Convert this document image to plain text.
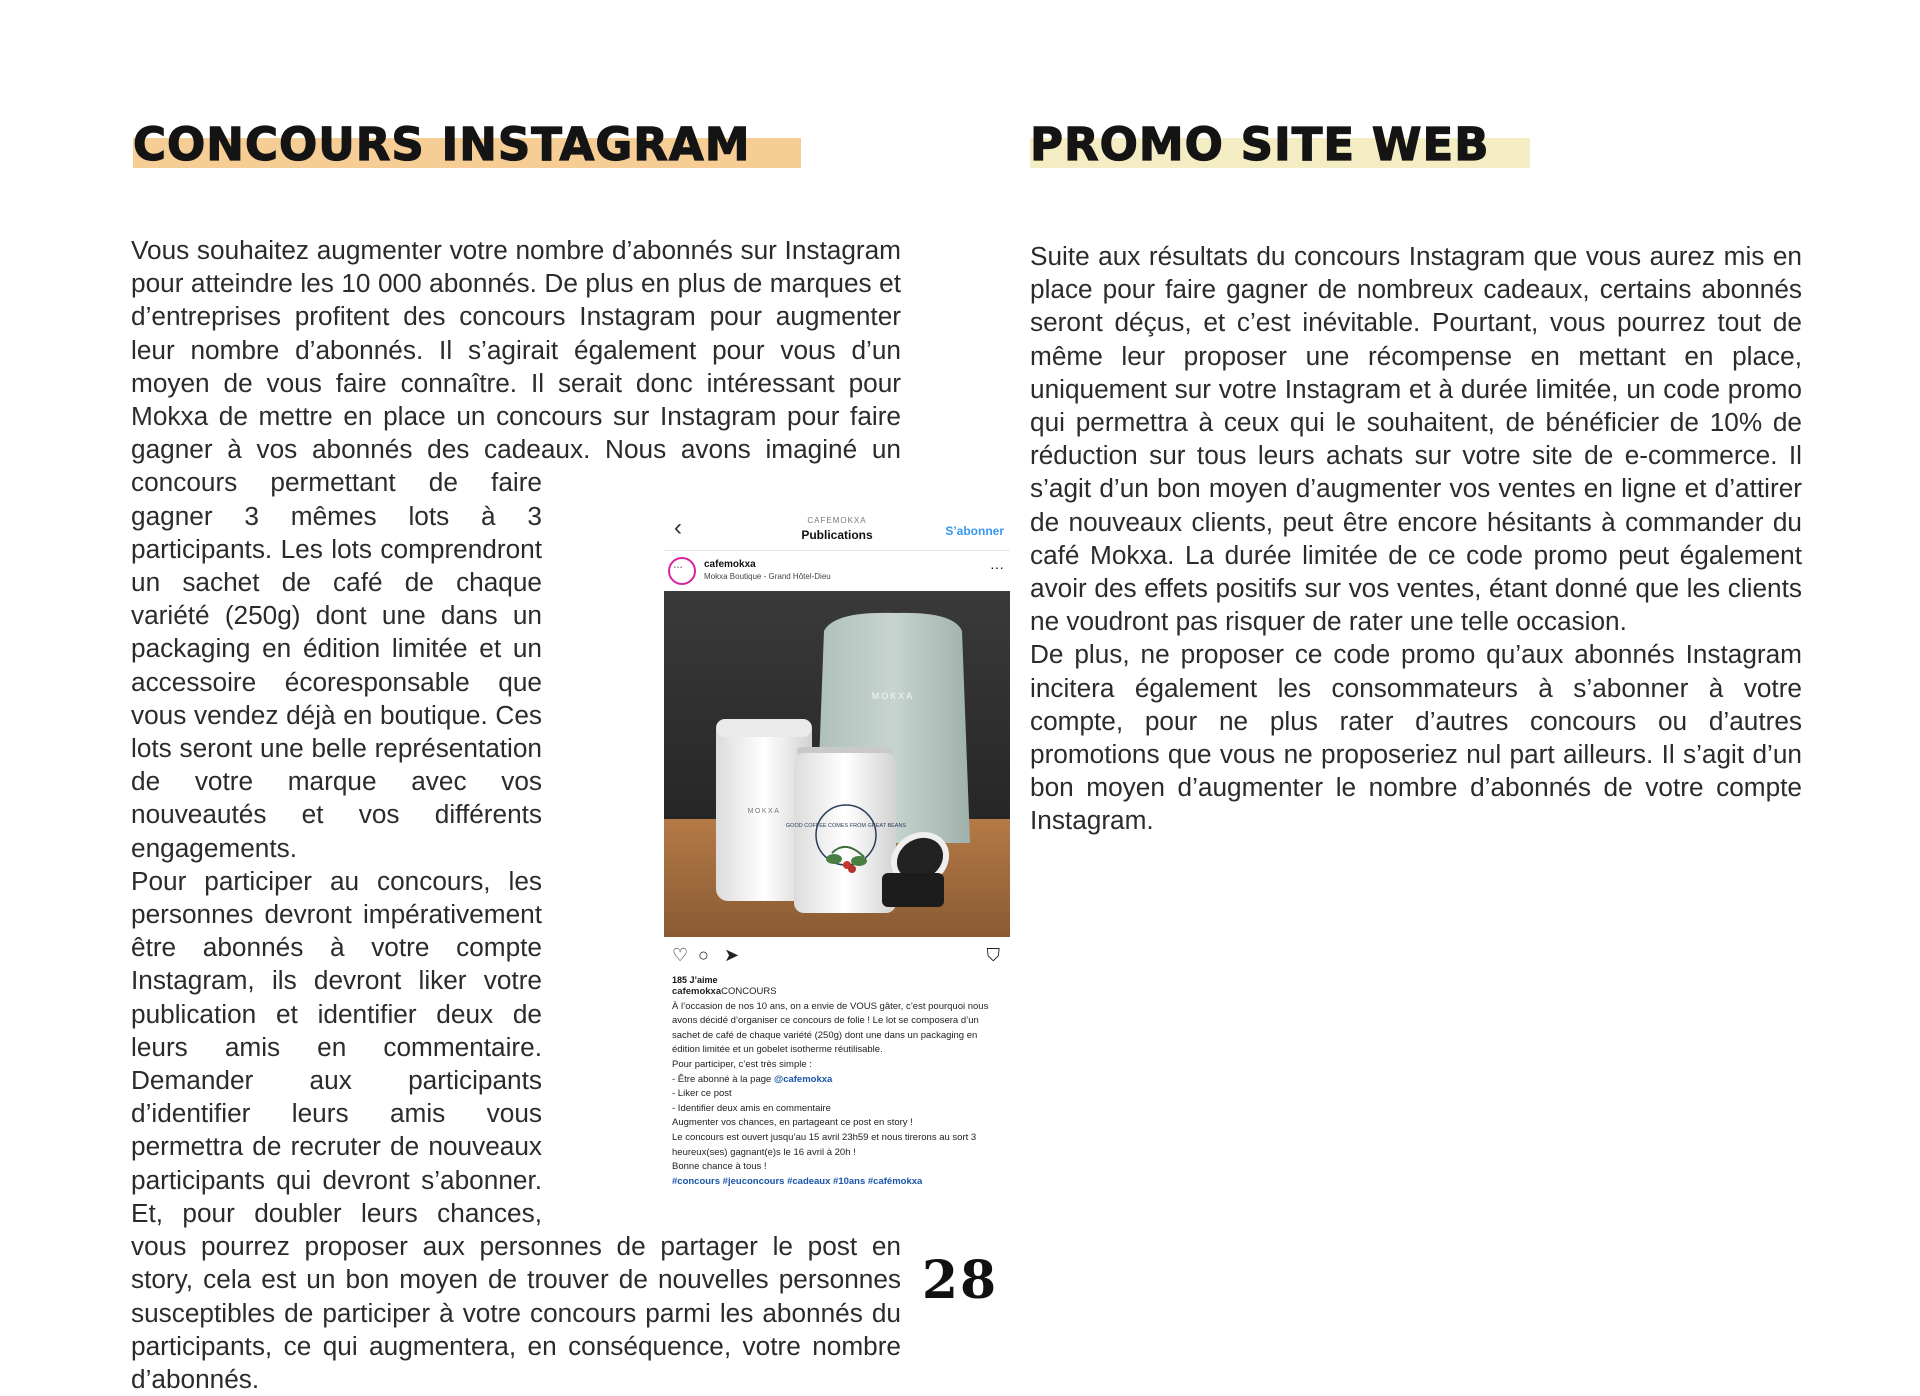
CONCOURS INSTAGRAM	PROMO SITE WEB

Vous souhaitez augmenter votre nombre d’abonnés sur Instagram pour atteindre les 10 000 abonnés. De plus en plus de marques et d’entreprises profitent des concours Instagram pour augmenter leur nombre d’abonnés. Il s’agirait également pour vous d’un moyen de vous faire connaître. Il serait donc intéressant pour Mokxa de mettre en place un concours sur Instagram pour faire gagner à vos abonnés des cadeaux. Nous avons imaginé un concours permettant de faire gagner 3 mêmes lots à 3 participants. Les lots comprendront un sachet de café de chaque variété (250g) dont une dans un packaging en édition limitée et un accessoire écoresponsable que vous vendez déjà en boutique. Ces lots seront une belle représentation de votre marque avec vos nouveautés et vos différents engagements.

Pour participer au concours, les personnes devront impérativement être abonnés à votre compte Instagram, ils devront liker votre publication et identifier deux de leurs amis en commentaire. Demander aux participants d’identifier leurs amis vous permettra de recruter de nouveaux participants qui devront s’abonner. Et, pour doubler leurs chances, vous pourrez proposer aux personnes de partager le post en story, cela est un bon moyen de trouver de nouvelles personnes susceptibles de participer à votre concours parmi les abonnés du participants, ce qui augmentera, en conséquence, votre nombre d’abonnés.

Suite aux résultats du concours Instagram que vous aurez mis en place pour faire gagner de nombreux cadeaux, certains abonnés seront déçus, et c’est inévitable. Pourtant, vous pourrez tout de même leur proposer une récompense en mettant en place, uniquement sur votre Instagram et à durée limitée, un code promo qui permettra à ceux qui le souhaitent, de bénéficier de 10% de réduction sur tous leurs achats sur votre site de e-commerce. Il s’agit d’un bon moyen d’augmenter vos ventes en ligne et d’attirer de nouveaux clients, peut être encore hésitants à commander du café Mokxa. La durée limitée de ce code promo peut également avoir des effets positifs sur vos ventes, étant donné que les clients ne voudront pas risquer de rater une telle occasion.

De plus, ne proposer ce code promo qu’aux abonnés Instagram incitera également les consommateurs à s’abonner à votre compte, pour ne plus rater d’autres concours ou d’autres promotions que vous ne proposeriez nul part ailleurs. Il s’agit d’un bon moyen d’augmenter le nombre d’abonnés de votre compte Instagram.

‹	CAFEMOKXA
Publications	S’abonner
• • •
cafemokxa
Mokxa Boutique - Grand Hôtel-Dieu
···
MOKXA
MOKXA
GOOD COFFEE COMES FROM GREAT BEANS
♡ ○ ➤	⛉
185 J’aime
cafemokxaCONCOURS
À l’occasion de nos 10 ans, on a envie de VOUS gâter, c’est pourquoi nous avons décidé d’organiser ce concours de folie ! Le lot se composera d’un sachet de café de chaque variété (250g) dont une dans un packaging en édition limitée et un gobelet isotherme réutilisable.
Pour participer, c’est très simple :
- Être abonné à la page @cafemokxa
- Liker ce post
- Identifier deux amis en commentaire
Augmenter vos chances, en partageant ce post en story !
Le concours est ouvert jusqu’au 15 avril 23h59 et nous tirerons au sort 3 heureux(ses) gagnant(e)s le 16 avril à 20h !
Bonne chance à tous !
#concours #jeuconcours #cadeaux #10ans #cafémokxa
28
